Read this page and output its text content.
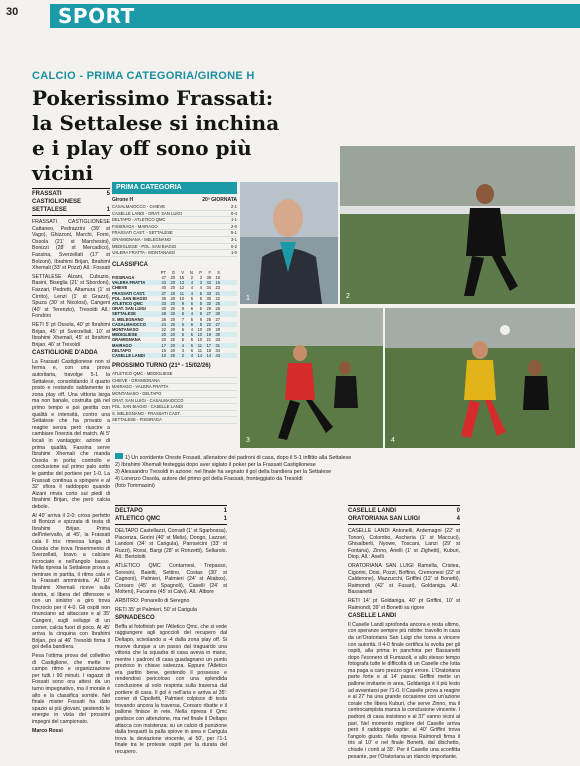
30 SPORT
CALCIO - PRIMA CATEGORIA/GIRONE H
Pokerissimo Frassati: la Settalese si inchina e i play off sono più vicini
FRASSATI CASTIGLIONESE
5
SETTALESE	1

FRASSATI CASTIGLIONESE Cattaneo, Pedrazzini (39' st Vago), Ghizzoni, Marchi, Forni, Ossola (21' st Marchesini), Bonizzi (28' st Mercadico), Fassina, Sverzellati (17' st Bolzoni), Ibrahimi Brijan, Ibrahimi Xhemali (33' st Pozzi) All.: Fossati

SETTALESE Alzani, Cubuzio, Basini, Biseglia (21' st Sbordoni), Fazzari, Pedretti, Altamura (1' st Cirrito), Lenzi (1' st Grazzi), Spuza (30' st Nicolosi), Cangeni (40' st Terenzio), Tresoldi All.: Fondrini

RETI 5' pt Ossola, 40' pt Ibrahimi Brijan, 45' pt Sverzellati, 10' st Ibrahimi Xhemali, 45' st Ibrahimi Brijan, 46' st Tresoldi

CASTIGLIONE D'ADDA

La Frassati Castiglionese non si ferma e, con una prova autoritaria, travolge 5-1 la Settalese, consolidando il quarto posto e restando saldamente in zona play off. Una vittoria larga ma non banale, costruita già nel primo tempo e poi gestita con qualità e intensità, contro una Settalese che ha provato a reagire senza però riuscire a cambiare l'inerzia del match. Al 5' locali in vantaggio: azione di prima qualità, Fassina serve Ibrahimi Xhemali che manda Ossola in porta; controllo e conclusione sul primo palo sotto le gambe del portiere per 1-0. La Frassati continua a spingere e al 32' sfiora il raddoppio quando Alzani rinvia corto sui piedi di Ibrahimi Brijan, che però calcia debole.

Al 40' arriva il 2-0: cross perfetto di Bonizzi e spizzata di testa di Ibrahimi Brijan. Prima dell'intervallo, al 45', la Frassati cala il tris: rimessa lunga di Ossola che trova l'inserimento di Sverzellati, bravo a calciare incrociato e nell'angolo basso. Nella ripresa la Settalese prova a rientrare in partita, il ritmo cala e la Frassati amministra. Al 10' Ibrahimi Xhemali riceve sulla destra, si libera del difensore e con un sinistro a giro trova l'incrocio per il 4-0. Gli ospiti non rinunciano ad attaccare e al 35' Cangeni, sugli sviluppi di un corner, calcia fuori di poco. Al 45' arriva la cinquina con Ibrahimi Brijan, poi al 46' Tresoldi firma il gol della bandiera.

Pesa l'ottima prova del collettivo di Castiglione, che mette in campo ritmo e organizzazione per tutti i 90 minuti. I ragazzi di Fossati sono ora attesi da un turno impegnativo, ma il morale è alto e la classifica sorride. Nel finale mister Fossati ha dato spazio ai più giovani, gestendo le energie in vista dei prossimi impegni del campionato.

Marco Rossi

PRIMA CATEGORIA
Girone H	20ª GIORNATA
CASALMAIOCCO - CHIEVE	2-1
CASELLE LANDI - ORAT. SAN LUIGI	0-4
DELTAPO - ATLETICO QMC	1-1
FISSIRAGA - MAIRAGO	2-0
FRASSATI CAST. - SETTALESE	5-1
GRAMIGNANA - MELEGNANO	3-1
MEDIGLIESE - POL. SAN BIAGIO	0-2
VALERA FRATTA - MONTANASO	1-0
CLASSIFICA
PT	G	V	N	P	F	S
FISSIRAGA	47	20	15	2	3	39	16
VALERA FRATTA	43	20	13	4	3	42	15
CHIEVE	40	20	12	4	4	34	23
FRASSATI CAST.	37	20	11	4	5	33	21
POL. SAN BIAGIO	35	20	10	5	5	30	22
ATLETICO QMC	33	20	9	6	5	32	25
ORAT. SAN LUIGI	30	20	8	6	6	29	26
SETTALESE	28	20	8	4	8	27	30
S. MELEGNANO	26	20	7	5	8	25	27
CASALMAIOCCO	24	20	6	6	8	22	27
MONTANASO	22	20	6	4	10	20	29
MEDIGLIESE	20	20	5	5	10	19	30
GRAMIGNANA	20	20	5	5	10	21	33
MAIRAGO	17	20	4	5	11	17	31
DELTAPO	15	20	3	6	11	18	34
CASELLE LANDI	10	20	2	4	14	14	43
PROSSIMO TURNO (21ª - 15/02/26)
ATLETICO QMC - MEDIGLIESE
CHIEVE - GRAMIGNANA
MAIRAGO - VALERA FRATTA
MONTANASO - DELTAPO
ORAT. SAN LUIGI - CASALMAIOCCO
POL. SAN BIAGIO - CASELLE LANDI
S. MELEGNANO - FRASSATI CAST.
SETTALESE - FISSIRAGA
1	2
3	4
1) Un sorridente Oreste Fossati, allenatore dei padroni di casa, dopo il 5-1 inflitto alla Settalese
2) Ibrahimi Xhemali festeggia dopo aver siglato il poker per la Frassati Castiglionese
3) Alessandro Tresoldi in azione: nel finale ha segnato il gol della bandiera per la Settalese
4) Lorenzo Ossola, autore del primo gol della Frassati, fronteggiato da Tresoldi
(foto Tommasini)
DELTAPO	1
ATLETICO QMC	1

DELTAPO Castellazzi, Corradi (1' st Sgarbossa), Piacenza, Gorini (40' st Melis), Dongo, Lazzari, Landoni (34' st Carigula), Parravicini (33' st Ruzzi), Rossi, Bargi (28' st Ronzetti), Sellarolo. All.: Bertolotti

ATLETICO QMC Contarnesi, Trepasso, Soresini, Baietti, Settino, Costas (30' st Cagnoni), Palmieri, Palmieri (24' st Aliabos), Corsaro (45' st Spagnoli), Caselli (24' st Molteni), Fucarino (45' st Calvi). All.: Albore

ARBITRO: Ponarello di Seregno

RETI 35' pt Palmieri, 50' st Carigula

SPINADESCO

Beffa al fotofinish per l'Atletico Qmc, che si vede raggiungere agli sgoccioli del recupero dal Deltapo, scivolando a -4 dalla zona play off. Si muove dunque a un passo dal traguardo una vittoria che la squadra di casa aveva in mano, mentre i padroni di casa guadagnano un punto prezioso in chiave salvezza. Eppure l'Atletico era partito bene, gestendo il possesso e rendendosi pericoloso con una splendida conclusione al volo respinta sulla traversa dal portiere di casa. Il gol è nell'aria e arriva al 35': corner di Cipolletti, Palmieri colpisce di testa trovando ancora la traversa, Corsaro ribatte e il pallone finisce in rete. Nella ripresa il Qmc gestisce con attenzione, ma nel finale il Deltapo attacca con insistenza: su un calcio di punizione dalla trequarti la palla spiove in area e Carigula trova la deviazione vincente, al 50', per l'1-1 finale tra le proteste ospiti per la durata del recupero.

CASELLE LANDI	0
ORATORIANA SAN LUIGI	4

CASELLE LANDI Antonelli, Ardemagni (22' st Tonon), Colombo, Ascheria (1' st Maccuci), Ghisalberti, Nyowe, Toscani, Lanzi (29' st Fontana), Zinno, Anelli (1' st Zighetti), Kuburi, Diop. All.: Anelli

ORATORIANA SAN LUIGI Ramella, Cristea, Cigorini, Dosi, Pozzi, Boffino, Cremonesi (22' st Calderone), Mazzucchi, Griffini (12' st Bonetti), Raimondi (42' st Fusari), Goldaniga. All.: Bassanetti

RETI 14' pt Goldaniga, 40' pt Griffini, 10' st Raimondi, 39' st Bonetti su rigore

CASELLE LANDI

Il Caselle Landi sprofonda ancora e resta ultimo, con speranze sempre più ridotte: travolto in casa da un'Oratoriana San Luigi che torna a vincere con autorità. Il 4-0 finale certifica la svolta per gli ospiti, alla prima in panchina per Bassanetti dopo l'esonero di Fumasoli, e allo stesso tempo fotografa tutte le difficoltà di un Caselle che lotta ma paga a caro prezzo ogni errore. L'Oratoriana parte forte e al 14' passa: Griffini mette un pallone invitante in area, Goldaniga è il più lesto ad avventarsi per l'1-0. Il Caselle prova a reagire e al 27' ha una grande occasione con un'azione corale che libera Kuburi, che serve Zinno, ma il centrocampista manca la conclusione vincente. I padroni di casa insistono e al 37' vanno vicini al pari. Nel momento migliore del Caselle arriva però il raddoppio ospite: al 40' Griffini trova l'angolo giusto. Nella ripresa Raimondi firma il tris al 10' e nel finale Bonetti, dal dischetto, chiude i conti al 39'. Per il Caselle una sconfitta pesante, per l'Oratoriana un rilancio importante.
